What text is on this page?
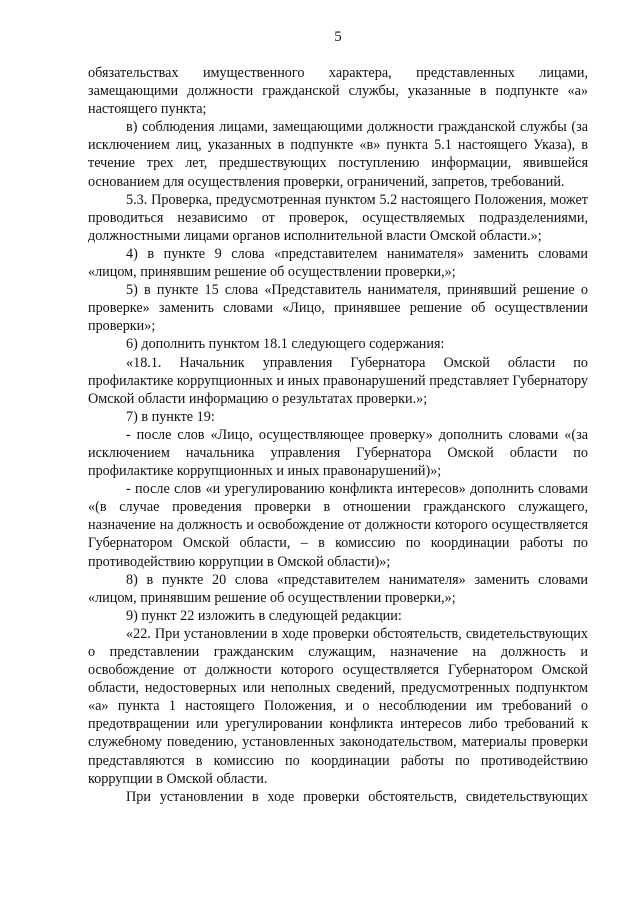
5

обязательствах имущественного характера, представленных лицами, замещающими должности гражданской службы, указанные в подпункте «а» настоящего пункта;

в) соблюдения лицами, замещающими должности гражданской службы (за исключением лиц, указанных в подпункте «в» пункта 5.1 настоящего Указа), в течение трех лет, предшествующих поступлению информации, явившейся основанием для осуществления проверки, ограничений, запретов, требований.

5.3. Проверка, предусмотренная пунктом 5.2 настоящего Положения, может проводиться независимо от проверок, осуществляемых подразделениями, должностными лицами органов исполнительной власти Омской области.»;

4) в пункте 9 слова «представителем нанимателя» заменить словами «лицом, принявшим решение об осуществлении проверки,»;

5) в пункте 15 слова «Представитель нанимателя, принявший решение о проверке» заменить словами «Лицо, принявшее решение об осуществлении проверки»;

6) дополнить пунктом 18.1 следующего содержания:

«18.1. Начальник управления Губернатора Омской области по профилактике коррупционных и иных правонарушений представляет Губернатору Омской области информацию о результатах проверки.»;

7) в пункте 19:

- после слов «Лицо, осуществляющее проверку» дополнить словами «(за исключением начальника управления Губернатора Омской области по профилактике коррупционных и иных правонарушений)»;

- после слов «и урегулированию конфликта интересов» дополнить словами «(в случае проведения проверки в отношении гражданского служащего, назначение на должность и освобождение от должности которого осуществляется Губернатором Омской области, – в комиссию по координации работы по противодействию коррупции в Омской области)»;

8) в пункте 20 слова «представителем нанимателя» заменить словами «лицом, принявшим решение об осуществлении проверки,»;

9) пункт 22 изложить в следующей редакции:

«22. При установлении в ходе проверки обстоятельств, свидетельствующих о представлении гражданским служащим, назначение на должность и освобождение от должности которого осуществляется Губернатором Омской области, недостоверных или неполных сведений, предусмотренных подпунктом «а» пункта 1 настоящего Положения, и о несоблюдении им требований о предотвращении или урегулировании конфликта интересов либо требований к служебному поведению, установленных законодательством, материалы проверки представляются в комиссию по координации работы по противодействию коррупции в Омской области.

При установлении в ходе проверки обстоятельств, свидетельствующих
